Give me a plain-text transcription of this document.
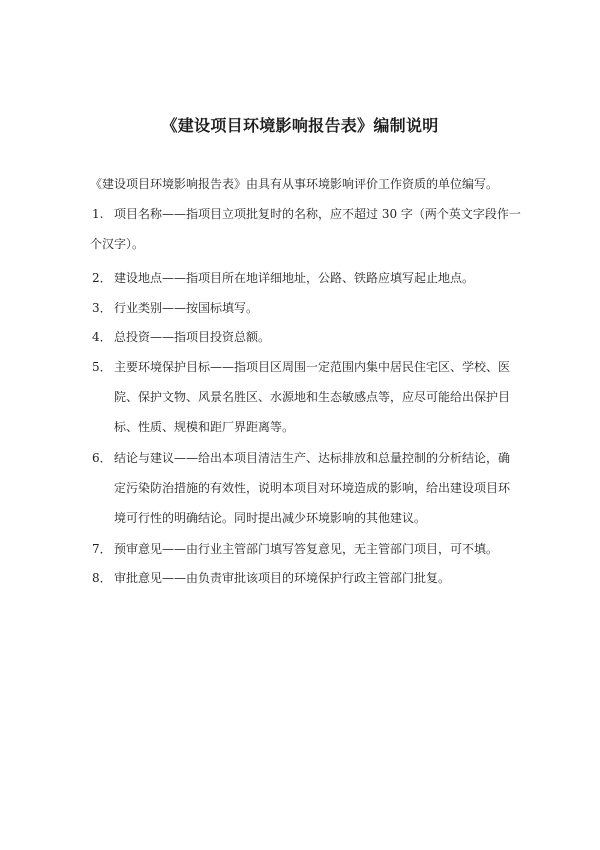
《建设项目环境影响报告表》编制说明
《建设项目环境影响报告表》由具有从事环境影响评价工作资质的单位编写。
1. 项目名称——指项目立项批复时的名称，应不超过 30 字（两个英文字段作一
个汉字）。
2． 建设地点——指项目所在地详细地址，公路、铁路应填写起止地点。
3． 行业类别——按国标填写。
4． 总投资——指项目投资总额。
5． 主要环境保护目标——指项目区周围一定范围内集中居民住宅区、学校、医
院、保护文物、风景名胜区、水源地和生态敏感点等，应尽可能给出保护目
标、性质、规模和距厂界距离等。
6． 结论与建议——给出本项目清洁生产、达标排放和总量控制的分析结论，确
定污染防治措施的有效性，说明本项目对环境造成的影响，给出建设项目环
境可行性的明确结论。同时提出减少环境影响的其他建议。
7． 预审意见——由行业主管部门填写答复意见，无主管部门项目，可不填。
8． 审批意见——由负责审批该项目的环境保护行政主管部门批复。
